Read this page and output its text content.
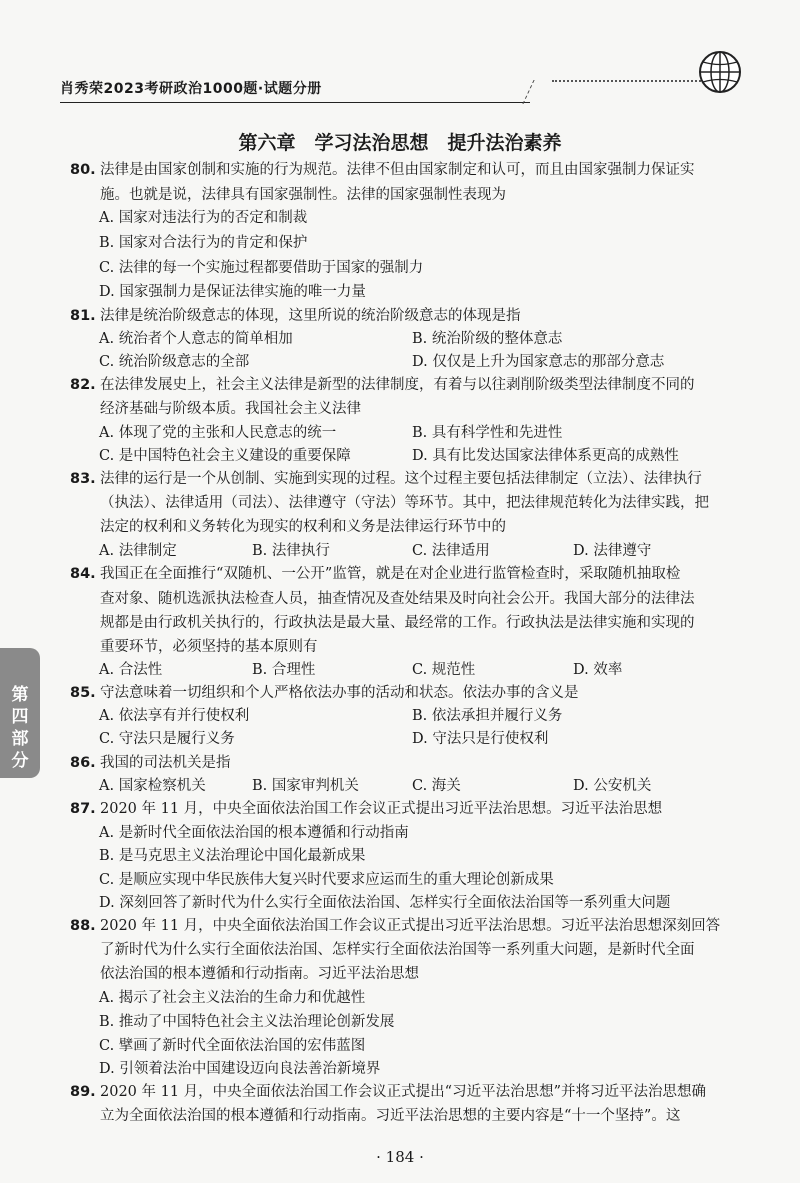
肖秀荣2023考研政治1000题·试题分册
第六章　学习法治思想　提升法治素养
80. 法律是由国家创制和实施的行为规范。法律不但由国家制定和认可，而且由国家强制力保证实
施。也就是说，法律具有国家强制性。法律的国家强制性表现为
A. 国家对违法行为的否定和制裁
B. 国家对合法行为的肯定和保护
C. 法律的每一个实施过程都要借助于国家的强制力
D. 国家强制力是保证法律实施的唯一力量
81. 法律是统治阶级意志的体现，这里所说的统治阶级意志的体现是指
A. 统治者个人意志的简单相加	B. 统治阶级的整体意志
C. 统治阶级意志的全部	D. 仅仅是上升为国家意志的那部分意志
82. 在法律发展史上，社会主义法律是新型的法律制度，有着与以往剥削阶级类型法律制度不同的
经济基础与阶级本质。我国社会主义法律
A. 体现了党的主张和人民意志的统一	B. 具有科学性和先进性
C. 是中国特色社会主义建设的重要保障	D. 具有比发达国家法律体系更高的成熟性
83. 法律的运行是一个从创制、实施到实现的过程。这个过程主要包括法律制定（立法）、法律执行
（执法）、法律适用（司法）、法律遵守（守法）等环节。其中，把法律规范转化为法律实践，把
法定的权利和义务转化为现实的权利和义务是法律运行环节中的
A. 法律制定	B. 法律执行	C. 法律适用	D. 法律遵守
84. 我国正在全面推行“双随机、一公开”监管，就是在对企业进行监管检查时，采取随机抽取检
查对象、随机选派执法检查人员，抽查情况及查处结果及时向社会公开。我国大部分的法律法
规都是由行政机关执行的，行政执法是最大量、最经常的工作。行政执法是法律实施和实现的
重要环节，必须坚持的基本原则有
A. 合法性	B. 合理性	C. 规范性	D. 效率
85. 守法意味着一切组织和个人严格依法办事的活动和状态。依法办事的含义是
A. 依法享有并行使权利	B. 依法承担并履行义务
C. 守法只是履行义务	D. 守法只是行使权利
86. 我国的司法机关是指
A. 国家检察机关	B. 国家审判机关	C. 海关	D. 公安机关
87. 2020 年 11 月，中央全面依法治国工作会议正式提出习近平法治思想。习近平法治思想
A. 是新时代全面依法治国的根本遵循和行动指南
B. 是马克思主义法治理论中国化最新成果
C. 是顺应实现中华民族伟大复兴时代要求应运而生的重大理论创新成果
D. 深刻回答了新时代为什么实行全面依法治国、怎样实行全面依法治国等一系列重大问题
88. 2020 年 11 月，中央全面依法治国工作会议正式提出习近平法治思想。习近平法治思想深刻回答
了新时代为什么实行全面依法治国、怎样实行全面依法治国等一系列重大问题，是新时代全面
依法治国的根本遵循和行动指南。习近平法治思想
A. 揭示了社会主义法治的生命力和优越性
B. 推动了中国特色社会主义法治理论创新发展
C. 擘画了新时代全面依法治国的宏伟蓝图
D. 引领着法治中国建设迈向良法善治新境界
89. 2020 年 11 月，中央全面依法治国工作会议正式提出“习近平法治思想”并将习近平法治思想确
立为全面依法治国的根本遵循和行动指南。习近平法治思想的主要内容是“十一个坚持”。这
第
四
部
分
· 184 ·
